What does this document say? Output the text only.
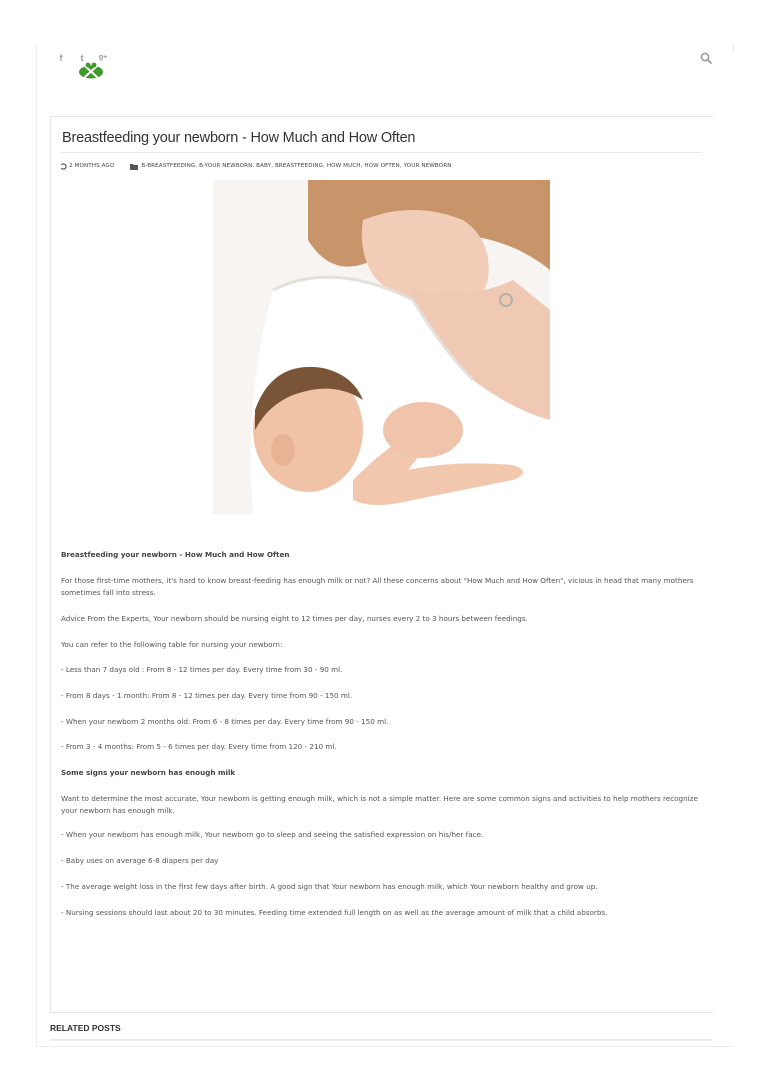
f	t	g+
Breastfeeding your newborn - How Much and How Often
2 MONTHS AGO	B-BREASTFEEDING, B-YOUR NEWBORN, BABY, BREASTFEEDING, HOW MUCH, HOW OFTEN, YOUR NEWBORN

Breastfeeding your newborn - How Much and How Often

For those first-time mothers, it's hard to know breast-feeding has enough milk or not? All these concerns about "How Much and How Often", vicious in head that many mothers sometimes fall into stress.

Advice From the Experts, Your newborn should be nursing eight to 12 times per day, nurses every 2 to 3 hours between feedings.

You can refer to the following table for nursing your newborn:

- Less than 7 days old : From 8 - 12 times per day. Every time from 30 - 90 ml.

- From 8 days - 1 month: From 8 - 12 times per day. Every time from 90 - 150 ml.

- When your newborn 2 months old: From 6 - 8 times per day. Every time from 90 - 150 ml.

- From 3 - 4 months: From 5 - 6 times per day. Every time from 120 - 210 ml.

Some signs your newborn has enough milk

Want to determine the most accurate, Your newborn is getting enough milk, which is not a simple matter. Here are some common signs and activities to help mothers recognize your newborn has enough milk.

- When your newborn has enough milk, Your newborn go to sleep and seeing the satisfied expression on his/her face.

- Baby uses on average 6-8 diapers per day

- The average weight loss in the first few days after birth. A good sign that Your newborn has enough milk, which Your newborn healthy and grow up.

- Nursing sessions should last about 20 to 30 minutes. Feeding time extended full length on as well as the average amount of milk that a child absorbs.

RELATED POSTS
